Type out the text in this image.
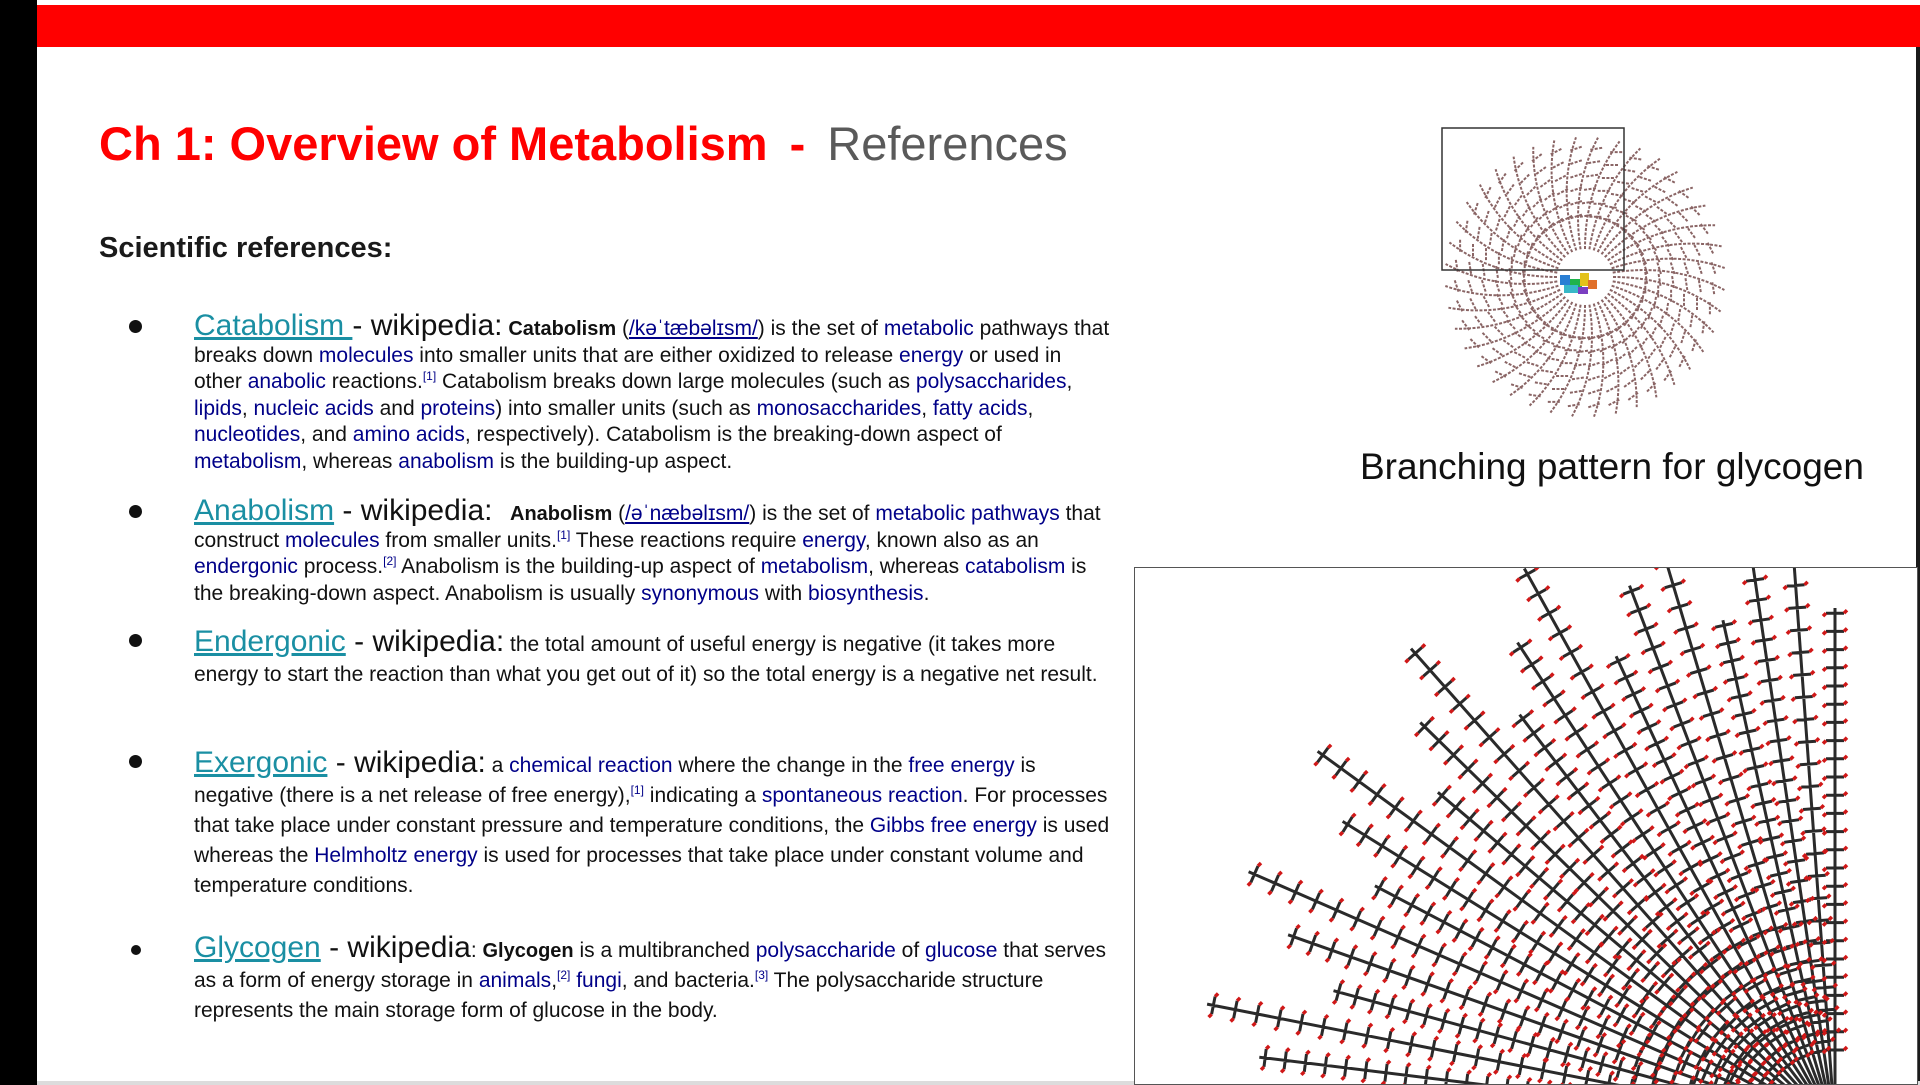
Ch 1: Overview of Metabolism - References
Scientific references:
Catabolism - wikipedia: Catabolism (/kəˈtæbəlɪsm/) is the set of metabolic pathways that breaks down molecules into smaller units that are either oxidized to release energy or used in other anabolic reactions.[1] Catabolism breaks down large molecules (such as polysaccharides, lipids, nucleic acids and proteins) into smaller units (such as monosaccharides, fatty acids, nucleotides, and amino acids, respectively). Catabolism is the breaking-down aspect of metabolism, whereas anabolism is the building-up aspect.
Anabolism - wikipedia: Anabolism (/əˈnæbəlɪsm/) is the set of metabolic pathways that construct molecules from smaller units.[1] These reactions require energy, known also as an endergonic process.[2] Anabolism is the building-up aspect of metabolism, whereas catabolism is the breaking-down aspect. Anabolism is usually synonymous with biosynthesis.
Endergonic - wikipedia: the total amount of useful energy is negative (it takes more energy to start the reaction than what you get out of it) so the total energy is a negative net result.
Exergonic - wikipedia: a chemical reaction where the change in the free energy is negative (there is a net release of free energy),[1] indicating a spontaneous reaction. For processes that take place under constant pressure and temperature conditions, the Gibbs free energy is used whereas the Helmholtz energy is used for processes that take place under constant volume and temperature conditions.
Glycogen - wikipedia: Glycogen is a multibranched polysaccharide of glucose that serves as a form of energy storage in animals,[2] fungi, and bacteria.[3] The polysaccharide structure represents the main storage form of glucose in the body.
Branching pattern for glycogen
